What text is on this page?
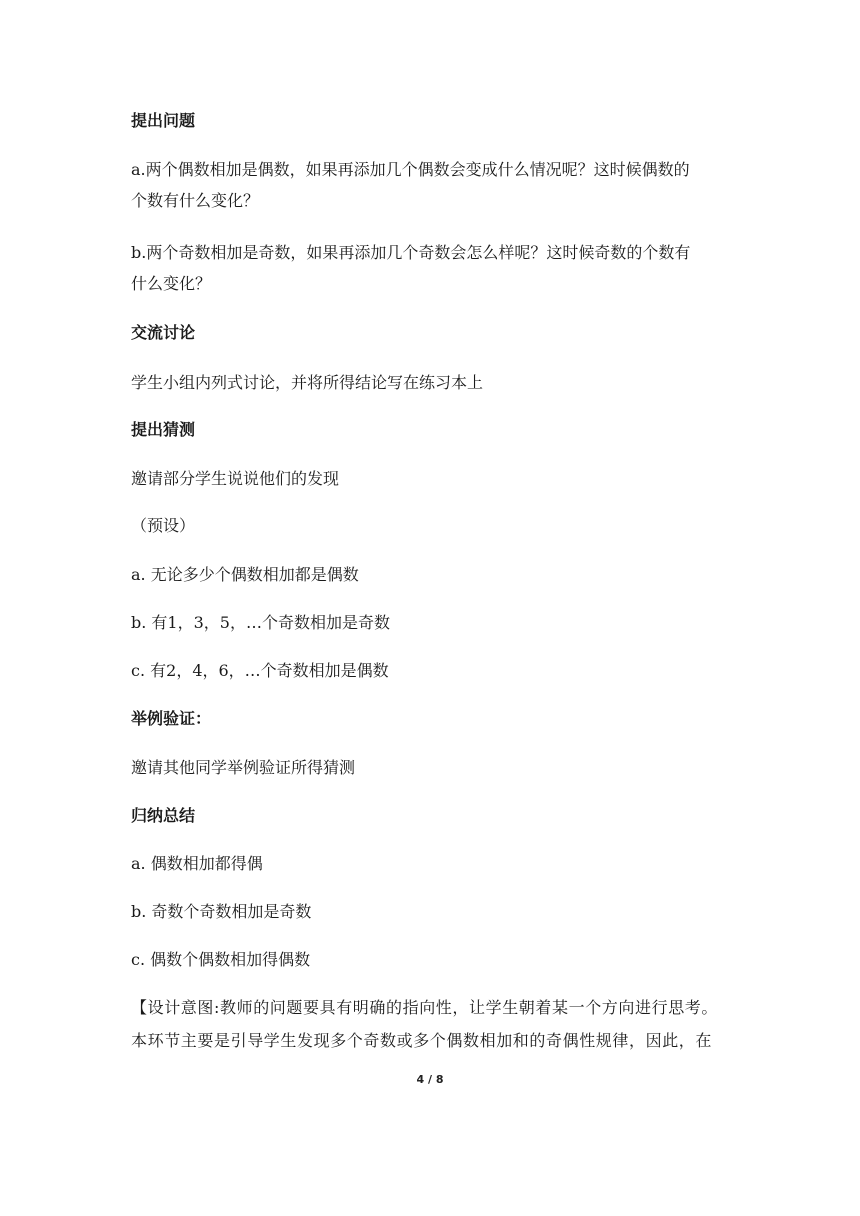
提出问题
a.两个偶数相加是偶数，如果再添加几个偶数会变成什么情况呢？这时候偶数的
个数有什么变化？
b.两个奇数相加是奇数，如果再添加几个奇数会怎么样呢？这时候奇数的个数有
什么变化？
交流讨论
学生小组内列式讨论，并将所得结论写在练习本上
提出猜测
邀请部分学生说说他们的发现
（预设）
a. 无论多少个偶数相加都是偶数
b. 有1，3，5，…个奇数相加是奇数
c. 有2，4，6，…个奇数相加是偶数
举例验证：
邀请其他同学举例验证所得猜测
归纳总结
a. 偶数相加都得偶
b. 奇数个奇数相加是奇数
c. 偶数个偶数相加得偶数
【设计意图:教师的问题要具有明确的指向性，让学生朝着某一个方向进行思考。
本环节主要是引导学生发现多个奇数或多个偶数相加和的奇偶性规律，因此，在
4 / 8
